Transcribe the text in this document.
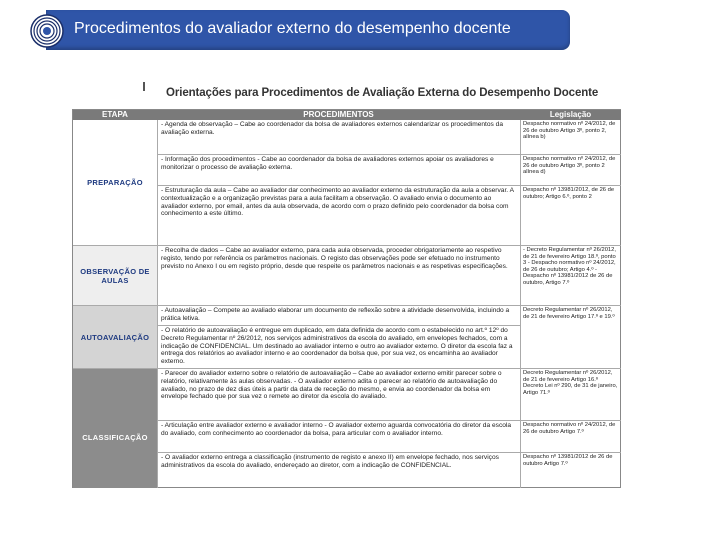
Procedimentos do avaliador externo do desempenho docente
Orientações para Procedimentos de Avaliação Externa do Desempenho Docente
ETAPA	PROCEDIMENTOS	Legislação
PREPARAÇÃO
OBSERVAÇÃO DE AULAS
AUTOAVALIAÇÃO
CLASSIFICAÇÃO
- Agenda de observação – Cabe ao coordenador da bolsa de avaliadores externos calendarizar os procedimentos da avaliação externa.
- Informação dos procedimentos - Cabe ao coordenador da bolsa de avaliadores externos apoiar os avaliadores e monitorizar o processo de avaliação externa.
- Estruturação da aula – Cabe ao avaliador dar conhecimento ao avaliador externo da estruturação da aula a observar. A contextualização e a organização previstas para a aula facilitam a observação. O avaliado envia o documento ao avaliador externo, por email, antes da aula observada, de acordo com o prazo definido pelo coordenador da bolsa com conhecimento a este último.
- Recolha de dados – Cabe ao avaliador externo, para cada aula observada, proceder obrigatoriamente ao respetivo registo, tendo por referência os parâmetros nacionais. O registo das observações pode ser efetuado no instrumento previsto no Anexo I ou em registo próprio, desde que respeite os parâmetros nacionais e as respetivas especificações.
- Autoavaliação – Compete ao avaliado elaborar um documento de reflexão sobre a atividade desenvolvida, incluindo a prática letiva.
- O relatório de autoavaliação é entregue em duplicado, em data definida de acordo com o estabelecido no art.º 12º do Decreto Regulamentar nº 26/2012, nos serviços administrativos da escola do avaliado, em envelopes fechados, com a indicação de CONFIDENCIAL. Um destinado ao avaliador interno e outro ao avaliador externo. O diretor da escola faz a entrega dos relatórios ao avaliador interno e ao coordenador da bolsa que, por sua vez, os encaminha ao avaliador externo.
- Parecer do avaliador externo sobre o relatório de autoavaliação – Cabe ao avaliador externo emitir parecer sobre o relatório, relativamente às aulas observadas. - O avaliador externo adita o parecer ao relatório de autoavaliação do avaliado, no prazo de dez dias úteis a partir da data de receção do mesmo, e envia ao coordenador da bolsa em envelope fechado que por sua vez o remete ao diretor da escola do avaliado.
- Articulação entre avaliador externo e avaliador interno - O avaliador externo aguarda convocatória do diretor da escola do avaliado, com conhecimento ao coordenador da bolsa, para articular com o avaliador interno.
- O avaliador externo entrega a classificação (instrumento de registo e anexo II) em envelope fechado, nos serviços administrativos da escola do avaliado, endereçado ao diretor, com a indicação de CONFIDENCIAL.
Despacho normativo nº 24/2012, de 26 de outubro Artigo 3º, ponto 2, alínea b)
Despacho normativo nº 24/2012, de 26 de outubro Artigo 3º, ponto 2 alínea d)
Despacho nº 13981/2012, de 26 de outubro; Artigo 6.º, ponto 2
- Decreto Regulamentar nº 26/2012, de 21 de fevereiro Artigo 18.º, ponto 3 - Despacho normativo nº 24/2012, de 26 de outubro; Artigo 4.º - Despacho nº 13981/2012 de 26 de outubro, Artigo 7.º
Decreto Regulamentar nº 26/2012, de 21 de fevereiro Artigo 17.º e 19.º
Decreto Regulamentar nº 26/2012, de 21 de fevereiro Artigo 16.º Decreto Lei nº 290, de 31 de janeiro, Artigo 71.º
Despacho normativo nº 24/2012, de 26 de outubro Artigo 7.º
Despacho nº 13981/2012 de 26 de outubro Artigo 7.º
